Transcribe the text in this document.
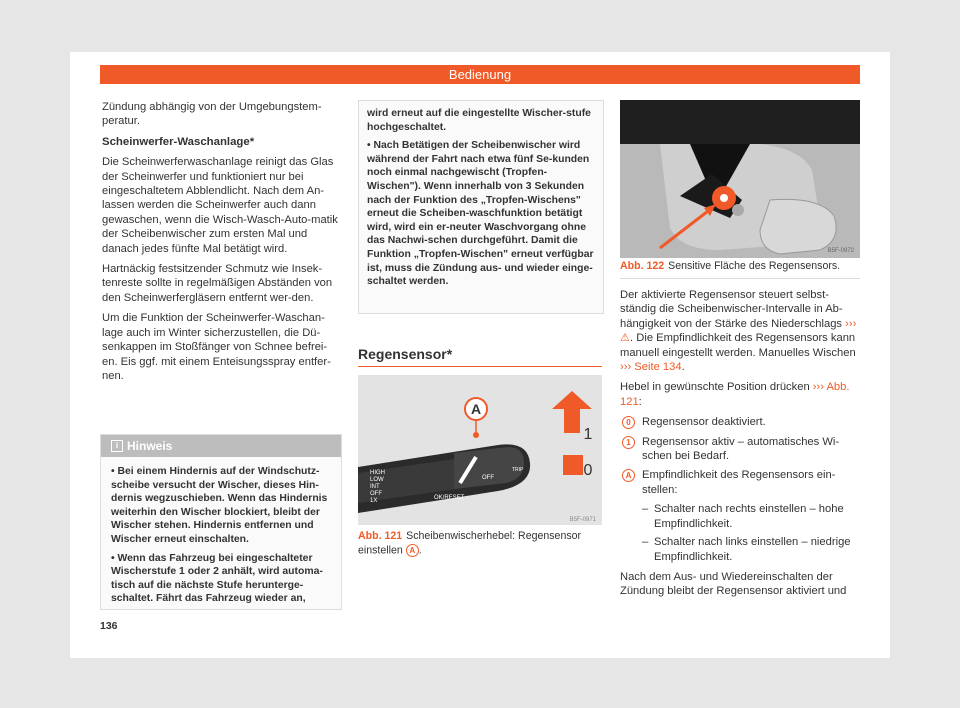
Bedienung

Zündung abhängig von der Umgebungstem-peratur.

Scheinwerfer-Waschanlage*

Die Scheinwerferwaschanlage reinigt das Glas der Scheinwerfer und funktioniert nur bei eingeschaltetem Abblendlicht. Nach dem An-lassen werden die Scheinwerfer auch dann gewaschen, wenn die Wisch-Wasch-Auto-matik der Scheibenwischer zum ersten Mal und danach jedes fünfte Mal betätigt wird.

Hartnäckig festsitzender Schmutz wie Insek-tenreste sollte in regelmäßigen Abständen von den Scheinwerfergläsern entfernt wer-den.

Um die Funktion der Scheinwerfer-Waschan-lage auch im Winter sicherzustellen, die Dü-senkappen im Stoßfänger von Schnee befrei-en. Eis ggf. mit einem Enteisungsspray entfer-nen.

i Hinweis

• Bei einem Hindernis auf der Windschutz-scheibe versucht der Wischer, dieses Hin-dernis wegzuschieben. Wenn das Hindernis weiterhin den Wischer blockiert, bleibt der Wischer stehen. Hindernis entfernen und Wischer erneut einschalten.

• Wenn das Fahrzeug bei eingeschalteter Wischerstufe 1 oder 2 anhält, wird automa-tisch auf die nächste Stufe herunterge-schaltet. Fährt das Fahrzeug wieder an,

wird erneut auf die eingestellte Wischer-stufe hochgeschaltet.

• Nach Betätigen der Scheibenwischer wird während der Fahrt nach etwa fünf Se-kunden noch einmal nachgewischt (Tropfen-Wischen"). Wenn innerhalb von 3 Sekunden nach der Funktion des „Tropfen-Wischens" erneut die Scheiben-waschfunktion betätigt wird, wird ein er-neuter Waschvorgang ohne das Nachwi-schen durchgeführt. Damit die Funktion „Tropfen-Wischen" erneut verfügbar ist, muss die Zündung aus- und wieder einge-schaltet werden.

Regensensor*
A
HIGH
LOW
INT
OFF
1X	OK/RESET
OFF
TRIP
1
0
B5F-0971
Abb. 121 Scheibenwischerhebel: Regensensor einstellen A .
B5F-0972
Abb. 122 Sensitive Fläche des Regensensors.

Der aktivierte Regensensor steuert selbst-ständig die Scheibenwischer-Intervalle in Ab-hängigkeit von der Stärke des Niederschlags ››› ⚠. Die Empfindlichkeit des Regensensors kann manuell eingestellt werden. Manuelles Wischen ››› Seite 134.

Hebel in gewünschte Position drücken ››› Abb. 121:

0	Regensensor deaktiviert.
1	Regensensor aktiv – automatisches Wi-schen bei Bedarf.
A Empfindlichkeit des Regensensors ein-stellen:
– Schalter nach rechts einstellen – hohe Empfindlichkeit.
– Schalter nach links einstellen – niedrige Empfindlichkeit.

Nach dem Aus- und Wiedereinschalten der Zündung bleibt der Regensensor aktiviert und

136
